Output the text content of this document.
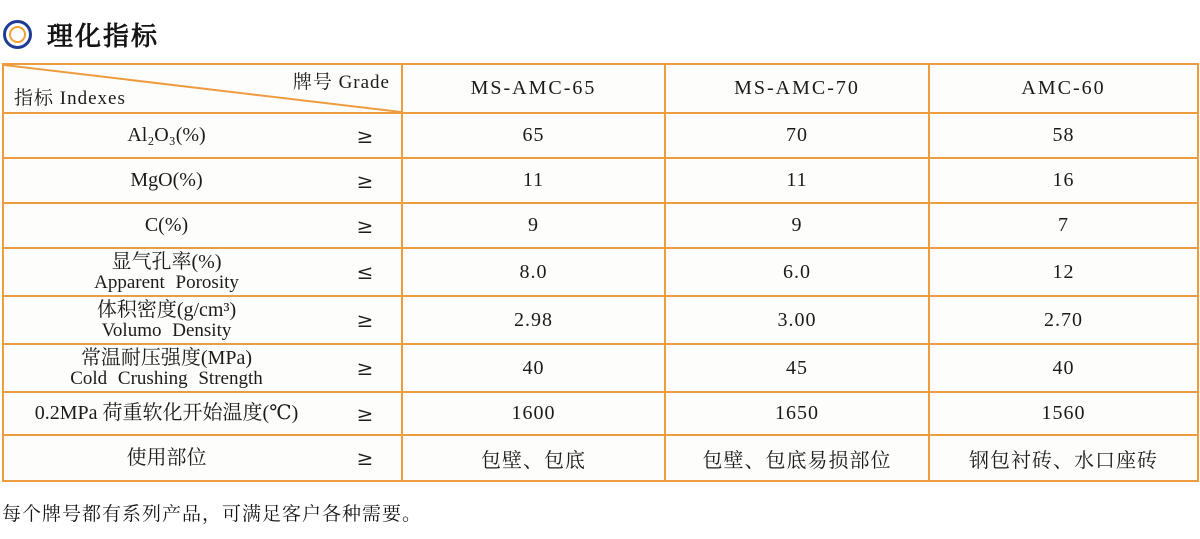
理化指标
牌号 Grade
指标 Indexes	MS-AMC-65	MS-AMC-70	AMC-60

Al₂O₃(%) ≥	65	70	58

MgO(%) ≥	11	11	16

C(%) ≥	9	9	7

显气孔率(%)
Apparent Porosity ≤	8.0	6.0	12

体积密度(g/cm³)
Volumo Density ≥	2.98	3.00	2.70

常温耐压强度(MPa)
Cold Crushing Strength ≥	40	45	40

0.2MPa 荷重软化开始温度(℃) ≥	1600	1650	1560

使用部位 ≥	包壁、包底	包壁、包底易损部位	钢包衬砖、水口座砖
每个牌号都有系列产品，可满足客户各种需要。
